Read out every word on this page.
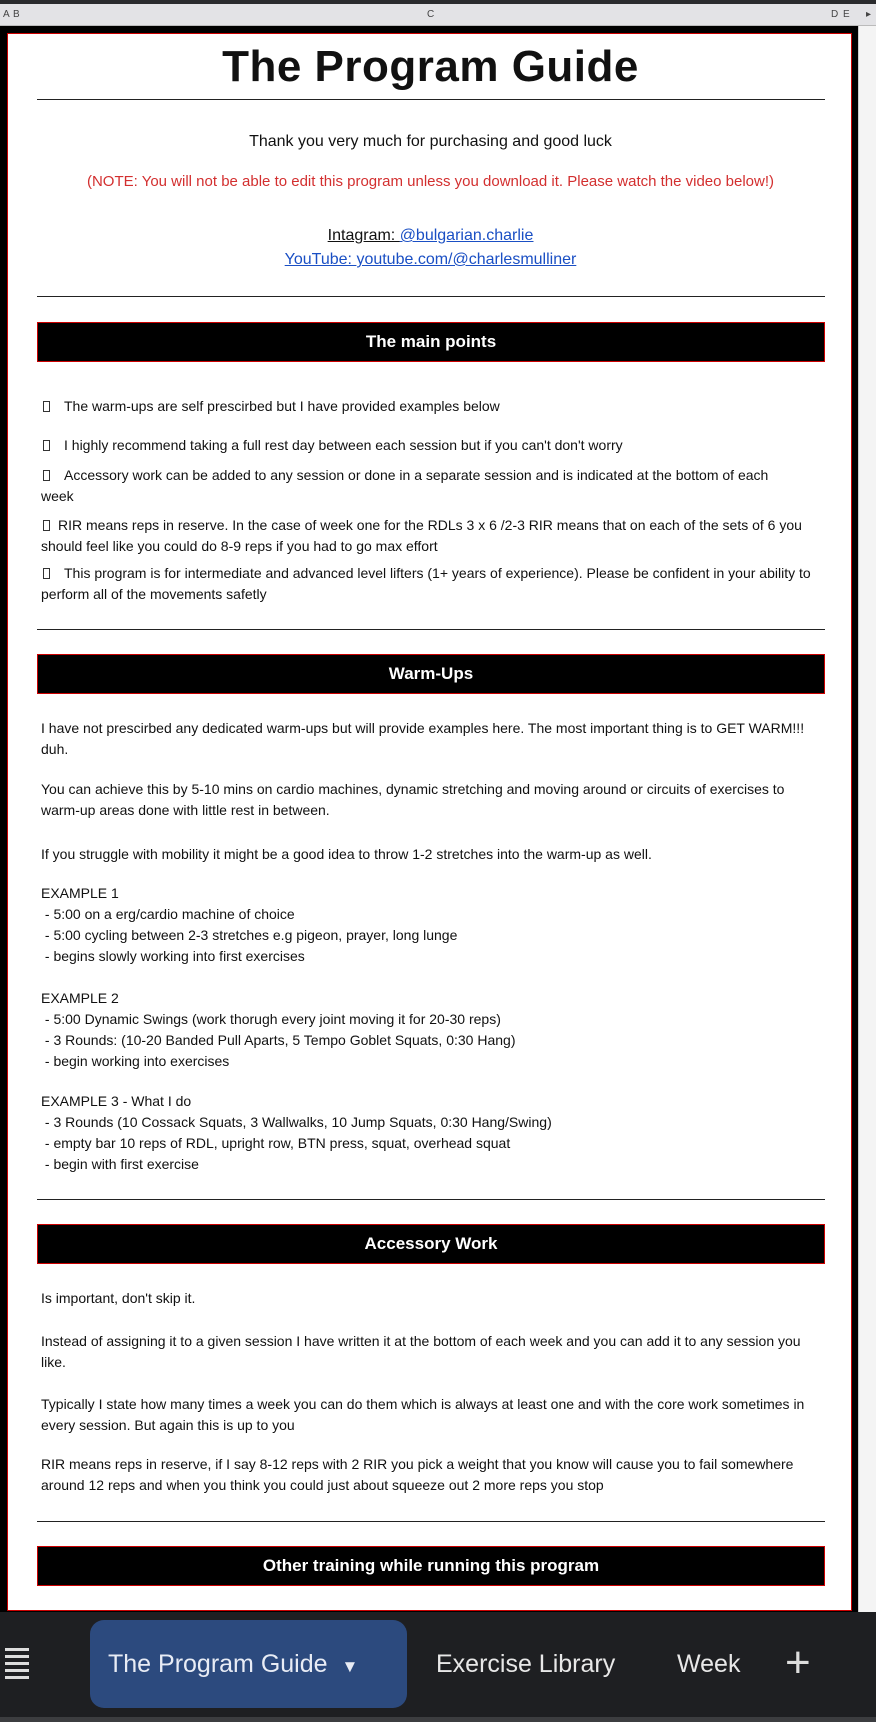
A B	C	D E ▸
The Program Guide
Thank you very much for purchasing and good luck
(NOTE: You will not be able to edit this program unless you download it. Please watch the video below!)
Intagram: @bulgarian.charlie
YouTube: youtube.com/@charlesmulliner
The main points
The warm-ups are self prescirbed but I have provided examples below
I highly recommend taking a full rest day between each session but if you can't don't worry
Accessory work can be added to any session or done in a separate session and is indicated at the bottom of each week
RIR means reps in reserve. In the case of week one for the RDLs 3 x 6 /2-3 RIR means that on each of the sets of 6 you should feel like you could do 8-9 reps if you had to go max effort
This program is for intermediate and advanced level lifters (1+ years of experience). Please be confident in your ability to perform all of the movements safetly
Warm-Ups
I have not prescirbed any dedicated warm-ups but will provide examples here. The most important thing is to GET WARM!!! duh.
You can achieve this by 5-10 mins on cardio machines, dynamic stretching and moving around or circuits of exercises to warm-up areas done with little rest in between.
If you struggle with mobility it might be a good idea to throw 1-2 stretches into the warm-up as well.
EXAMPLE 1
- 5:00 on a erg/cardio machine of choice
- 5:00 cycling between 2-3 stretches e.g pigeon, prayer, long lunge
- begins slowly working into first exercises
EXAMPLE 2
- 5:00 Dynamic Swings (work thorugh every joint moving it for 20-30 reps)
- 3 Rounds: (10-20 Banded Pull Aparts, 5 Tempo Goblet Squats, 0:30 Hang)
- begin working into exercises
EXAMPLE 3 - What I do
- 3 Rounds (10 Cossack Squats, 3 Wallwalks, 10 Jump Squats, 0:30 Hang/Swing)
- empty bar 10 reps of RDL, upright row, BTN press, squat, overhead squat
- begin with first exercise
Accessory Work
Is important, don't skip it.
Instead of assigning it to a given session I have written it at the bottom of each week and you can add it to any session you like.
Typically I state how many times a week you can do them which is always at least one and with the core work sometimes in every session. But again this is up to you
RIR means reps in reserve, if I say 8-12 reps with 2 RIR you pick a weight that you know will cause you to fail somewhere around 12 reps and when you think you could just about squeeze out 2 more reps you stop
Other training while running this program
The Program Guide ▼	Exercise Library Week +
